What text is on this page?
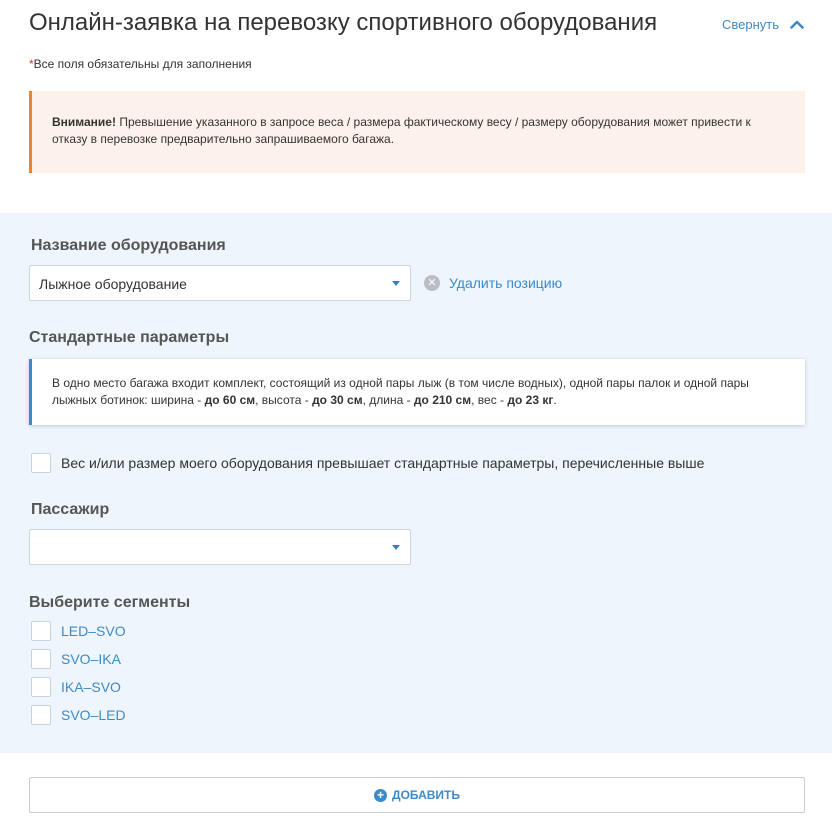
Онлайн-заявка на перевозку спортивного оборудования	Свернуть
*Все поля обязательны для заполнения
Внимание! Превышение указанного в запросе веса / размера фактическому весу / размеру оборудования может привести к отказу в перевозке предварительно запрашиваемого багажа.
Название оборудования
Лыжное оборудование	✕ Удалить позицию
Стандартные параметры
В одно место багажа входит комплект, состоящий из одной пары лыж (в том числе водных), одной пары палок и одной пары лыжных ботинок: ширина - до 60 см, высота - до 30 см, длина - до 210 см, вес - до 23 кг.
Вес и/или размер моего оборудования превышает стандартные параметры, перечисленные выше
Пассажир
Выберите сегменты
LED–SVO
SVO–IKA
IKA–SVO
SVO–LED
+ ДОБАВИТЬ
